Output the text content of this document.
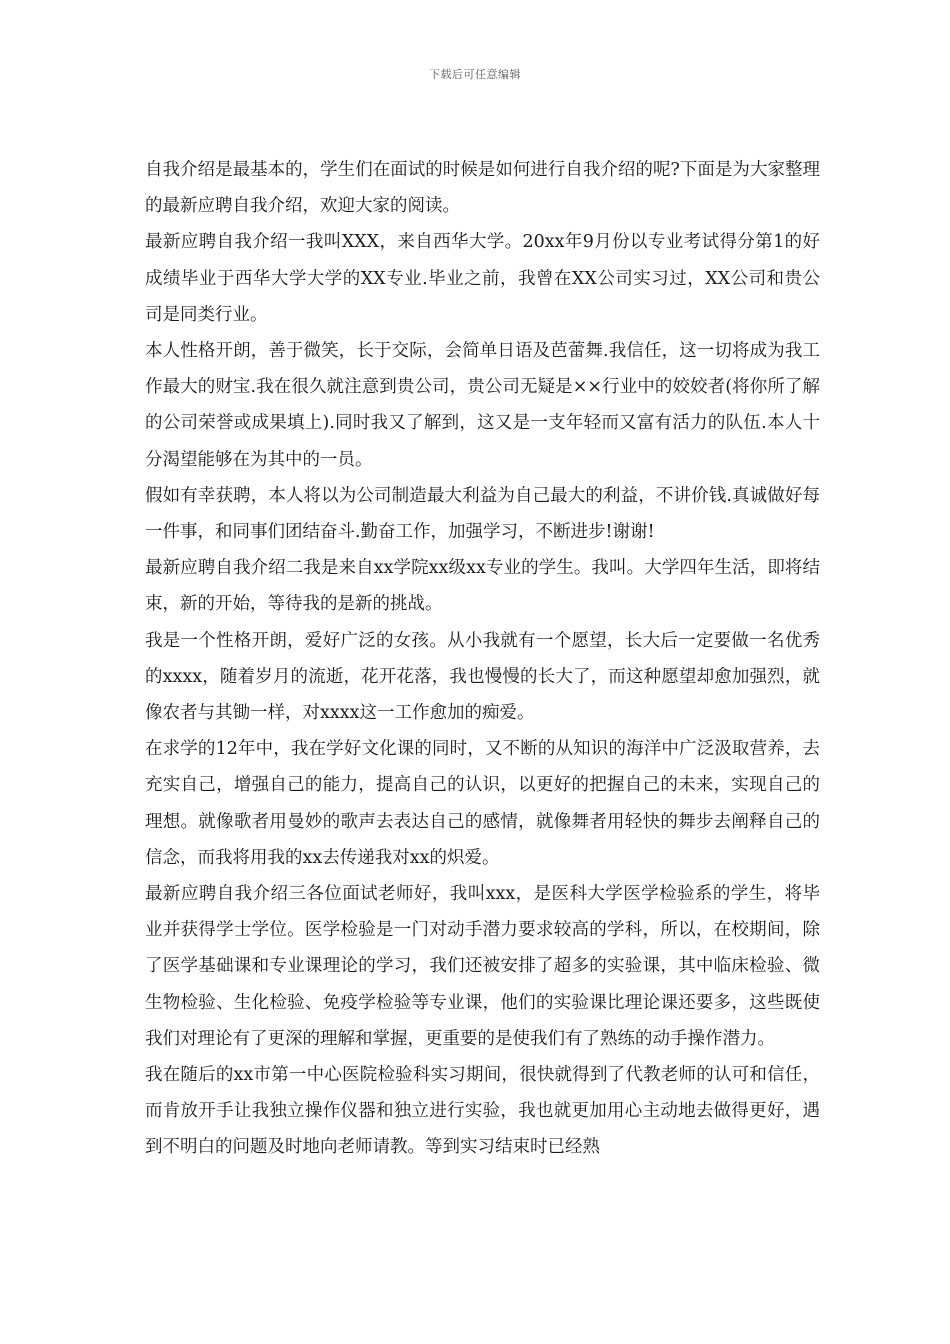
下载后可任意编辑

自我介绍是最基本的，学生们在面试的时候是如何进行自我介绍的呢?下面是为大家整理的最新应聘自我介绍，欢迎大家的阅读。

最新应聘自我介绍一我叫XXX，来自西华大学。20xx年9月份以专业考试得分第1的好成绩毕业于西华大学大学的XX专业.毕业之前，我曾在XX公司实习过，XX公司和贵公司是同类行业。

本人性格开朗，善于微笑，长于交际，会简单日语及芭蕾舞.我信任，这一切将成为我工作最大的财宝.我在很久就注意到贵公司，贵公司无疑是××行业中的姣姣者(将你所了解的公司荣誉或成果填上).同时我又了解到，这又是一支年轻而又富有活力的队伍.本人十分渴望能够在为其中的一员。

假如有幸获聘，本人将以为公司制造最大利益为自己最大的利益，不讲价钱.真诚做好每一件事，和同事们团结奋斗.勤奋工作，加强学习，不断进步!谢谢!

最新应聘自我介绍二我是来自xx学院xx级xx专业的学生。我叫。大学四年生活，即将结束，新的开始，等待我的是新的挑战。

我是一个性格开朗，爱好广泛的女孩。从小我就有一个愿望，长大后一定要做一名优秀的xxxx，随着岁月的流逝，花开花落，我也慢慢的长大了，而这种愿望却愈加强烈，就像农者与其锄一样，对xxxx这一工作愈加的痴爱。

在求学的12年中，我在学好文化课的同时，又不断的从知识的海洋中广泛汲取营养，去充实自己，增强自己的能力，提高自己的认识，以更好的把握自己的未来，实现自己的理想。就像歌者用曼妙的歌声去表达自己的感情，就像舞者用轻快的舞步去阐释自己的信念，而我将用我的xx去传递我对xx的炽爱。

最新应聘自我介绍三各位面试老师好，我叫xxx，是医科大学医学检验系的学生，将毕业并获得学士学位。医学检验是一门对动手潜力要求较高的学科，所以，在校期间，除了医学基础课和专业课理论的学习，我们还被安排了超多的实验课，其中临床检验、微生物检验、生化检验、免疫学检验等专业课，他们的实验课比理论课还要多，这些既使我们对理论有了更深的理解和掌握，更重要的是使我们有了熟练的动手操作潜力。

我在随后的xx市第一中心医院检验科实习期间，很快就得到了代教老师的认可和信任，而肯放开手让我独立操作仪器和独立进行实验，我也就更加用心主动地去做得更好，遇到不明白的问题及时地向老师请教。等到实习结束时已经熟
